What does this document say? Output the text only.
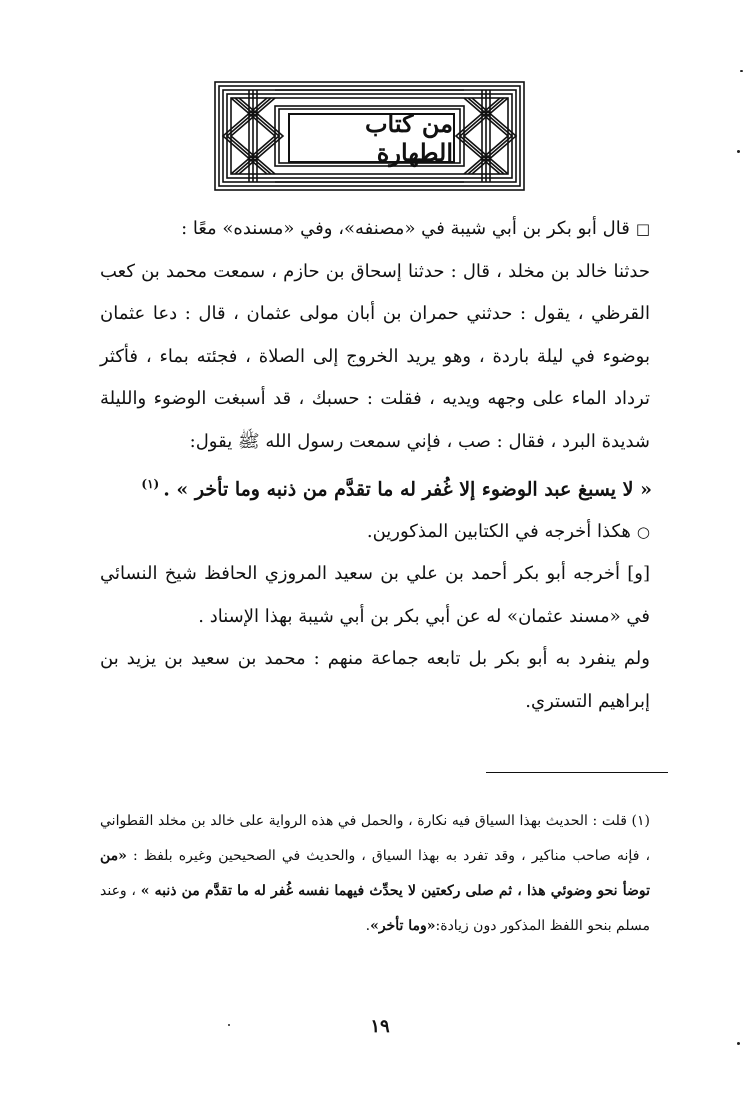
من كتاب الطهارة

□قال أبو بكر بن أبي شيبة في «مصنفه»، وفي «مسنده» معًا :

حدثنا خالد بن مخلد ، قال : حدثنا إسحاق بن حازم ، سمعت محمد بن كعب القرظي ، يقول : حدثني حمران بن أبان مولى عثمان ، قال : دعا عثمان بوضوء في ليلة باردة ، وهو يريد الخروج إلى الصلاة ، فجئته بماء ، فأكثر ترداد الماء على وجهه ويديه ، فقلت : حسبك ، قد أسبغت الوضوء والليلة شديدة البرد ، فقال : صب ، فإني سمعت رسول الله ﷺ يقول:

« لا يسبغ عبد الوضوء إلا غُفر له ما تقدَّم من ذنبه وما تأخر » .$^{(١)}$

○هكذا أخرجه في الكتابين المذكورين.

[و] أخرجه أبو بكر أحمد بن علي بن سعيد المروزي الحافظ شيخ النسائي في «مسند عثمان» له عن أبي بكر بن أبي شيبة بهذا الإسناد .

ولم ينفرد به أبو بكر بل تابعه جماعة منهم : محمد بن سعيد بن يزيد بن إبراهيم التستري.

(١) قلت : الحديث بهذا السياق فيه نكارة ، والحمل في هذه الرواية على خالد بن مخلد القطواني ، فإنه صاحب مناكير ، وقد تفرد به بهذا السياق ، والحديث في الصحيحين وغيره بلفظ : «من توضأ نحو وضوئي هذا ، ثم صلى ركعتين لا يحدِّث فيهما نفسه غُفر له ما تقدَّم من ذنبه » ، وعند مسلم بنحو اللفظ المذكور دون زيادة:«وما تأخر».

١٩
